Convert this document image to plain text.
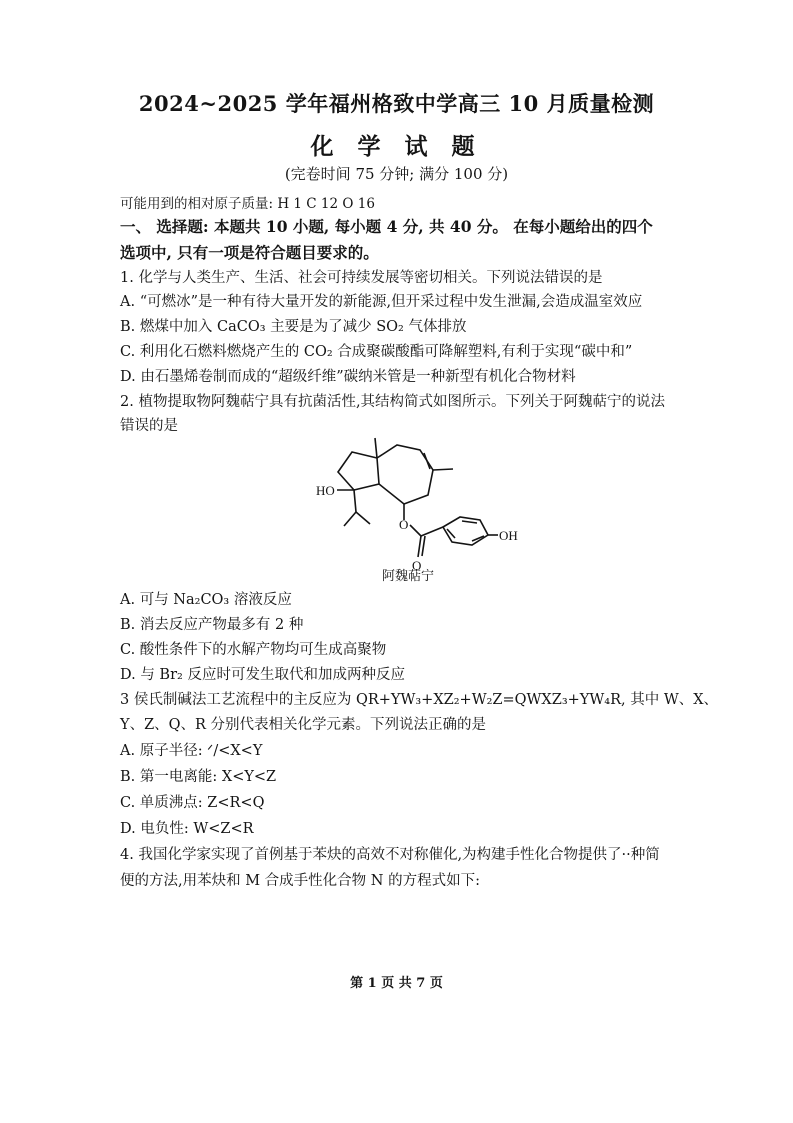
2024~2025 学年福州格致中学高三 10 月质量检测
化 学 试 题
(完卷时间 75 分钟; 满分 100 分)
可能用到的相对原子质量: H 1 C 12 O 16
一、 选择题: 本题共 10 小题, 每小题 4 分, 共 40 分。 在每小题给出的四个
选项中, 只有一项是符合题目要求的。
1. 化学与人类生产、生活、社会可持续发展等密切相关。下列说法错误的是
A. “可燃冰”是一种有待大量开发的新能源,但开采过程中发生泄漏,会造成温室效应
B. 燃煤中加入 CaCO₃ 主要是为了减少 SO₂ 气体排放
C. 利用化石燃料燃烧产生的 CO₂ 合成聚碳酸酯可降解塑料,有利于实现“碳中和”
D. 由石墨烯卷制而成的“超级纤维”碳纳米管是一种新型有机化合物材料
2. 植物提取物阿魏萜宁具有抗菌活性,其结构简式如图所示。下列关于阿魏萜宁的说法
错误的是
HO
O
O
OH
阿魏萜宁
A. 可与 Na₂CO₃ 溶液反应
B. 消去反应产物最多有 2 种
C. 酸性条件下的水解产物均可生成高聚物
D. 与 Br₂ 反应时可发生取代和加成两种反应
3 侯氏制碱法工艺流程中的主反应为 QR+YW₃+XZ₂+W₂Z=QWXZ₃+YW₄R, 其中 W、X、
Y、Z、Q、R 分别代表相关化学元素。下列说法正确的是
A. 原子半径: ᐟ/<X<Y
B. 第一电离能: X<Y<Z
C. 单质沸点: Z<R<Q
D. 电负性: W<Z<R
4. 我国化学家实现了首例基于苯炔的高效不对称催化,为构建手性化合物提供了··种简
便的方法,用苯炔和 M 合成手性化合物 N 的方程式如下:
第 1 页 共 7 页
